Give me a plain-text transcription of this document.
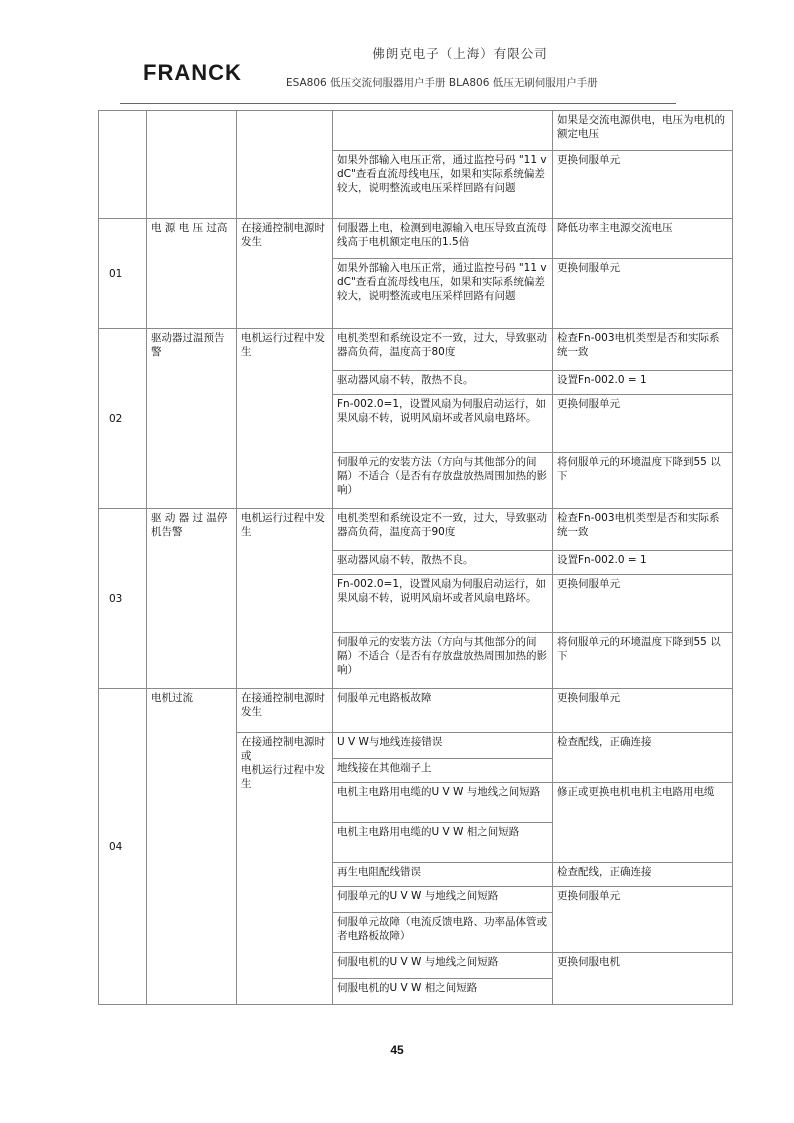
FRANCK
佛朗克电子（上海）有限公司
ESA806 低压交流伺服器用户手册 BLA806 低压无刷伺服用户手册
				如果是交流电源供电，电压为电机的额定电压
			如果外部输入电压正常，通过监控号码 "11 vdC"查看直流母线电压，如果和实际系统偏差较大，说明整流或电压采样回路有问题	更换伺服单元
01	电 源 电 压 过高	在接通控制电源时发生	伺服器上电，检测到电源输入电压导致直流母线高于电机额定电压的1.5倍	降低功率主电源交流电压
			如果外部输入电压正常，通过监控号码 "11 vdC"查看直流母线电压，如果和实际系统偏差较大，说明整流或电压采样回路有问题	更换伺服单元
02	驱动器过温预告警	电机运行过程中发生	电机类型和系统设定不一致，过大，导致驱动器高负荷，温度高于80度	检查Fn-003电机类型是否和实际系统一致
			驱动器风扇不转，散热不良。	设置Fn-002.0 = 1
			Fn-002.0=1，设置风扇为伺服启动运行，如果风扇不转，说明风扇坏或者风扇电路坏。	更换伺服单元
			伺服单元的安装方法（方向与其他部分的间隔）不适合（是否有存放盘放热周围加热的影响）	将伺服单元的环境温度下降到55 以下
03	驱 动 器 过 温停机告警	电机运行过程中发生	电机类型和系统设定不一致，过大，导致驱动器高负荷，温度高于90度	检查Fn-003电机类型是否和实际系统一致
			驱动器风扇不转，散热不良。	设置Fn-002.0 = 1
			Fn-002.0=1，设置风扇为伺服启动运行，如果风扇不转，说明风扇坏或者风扇电路坏。	更换伺服单元
			伺服单元的安装方法（方向与其他部分的间隔）不适合（是否有存放盘放热周围加热的影响）	将伺服单元的环境温度下降到55 以下
04	电机过流	在接通控制电源时发生	伺服单元电路板故障	更换伺服单元
		在接通控制电源时
或
电机运行过程中发生	U V W与地线连接错误	检查配线，正确连接
			地线接在其他端子上	
			电机主电路用电缆的U V W 与地线之间短路	修正或更换电机电机主电路用电缆
			电机主电路用电缆的U V W 相之间短路	
			再生电阻配线错误	检查配线，正确连接
			伺服单元的U V W 与地线之间短路	更换伺服单元
			伺服单元故障（电流反馈电路、功率晶体管或者电路板故障）	
			伺服电机的U V W 与地线之间短路	更换伺服电机
			伺服电机的U V W 相之间短路	
45
